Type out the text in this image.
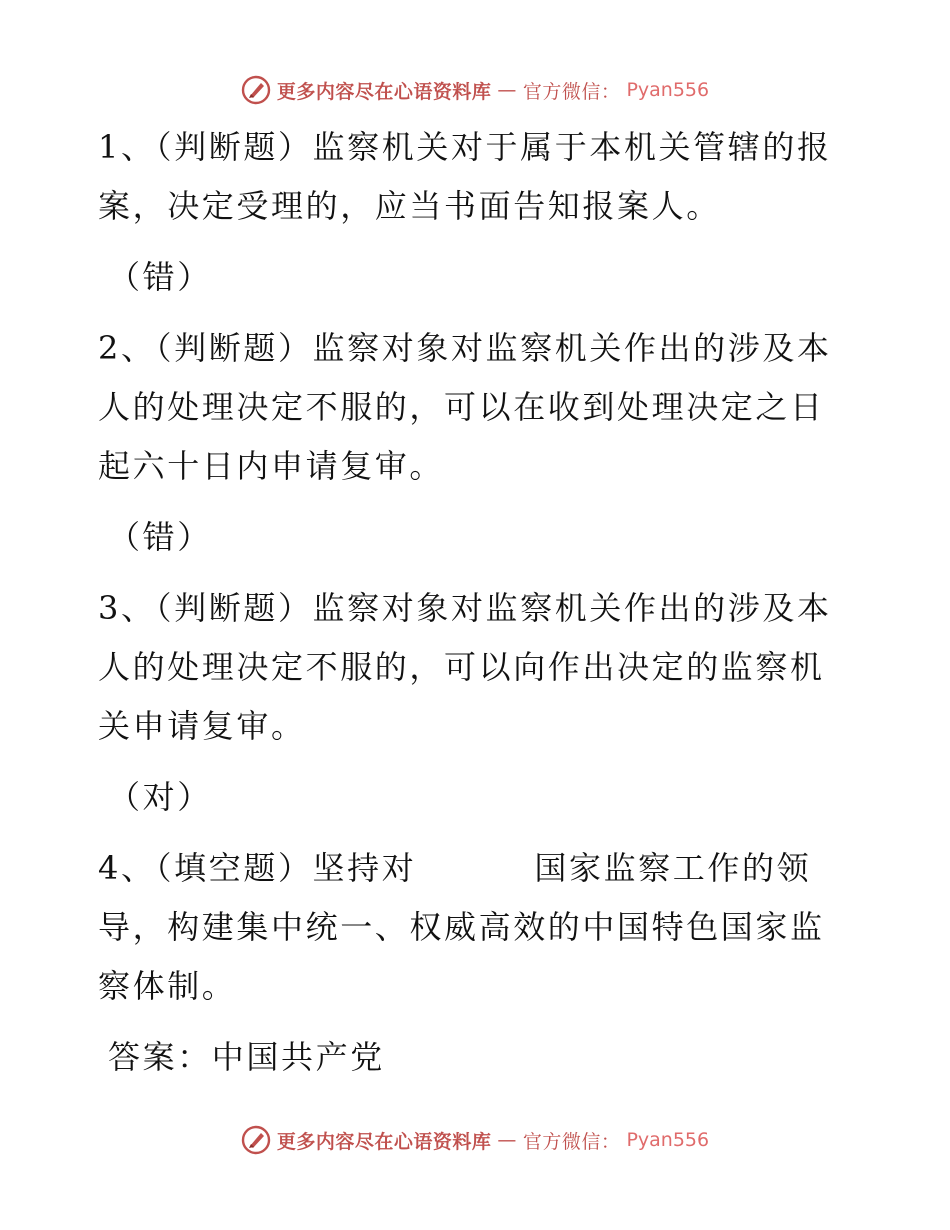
更多内容尽在心语资料库 — 官方微信： Pyan556

1、（判断题）监察机关对于属于本机关管辖的报案，决定受理的，应当书面告知报案人。

（错）

2、（判断题）监察对象对监察机关作出的涉及本人的处理决定不服的，可以在收到处理决定之日起六十日内申请复审。

（错）

3、（判断题）监察对象对监察机关作出的涉及本人的处理决定不服的，可以向作出决定的监察机关申请复审。

（对）

4、（填空题）坚持对	国家监察工作的领导，构建集中统一、权威高效的中国特色国家监察体制。

答案：中国共产党

更多内容尽在心语资料库 — 官方微信： Pyan556
